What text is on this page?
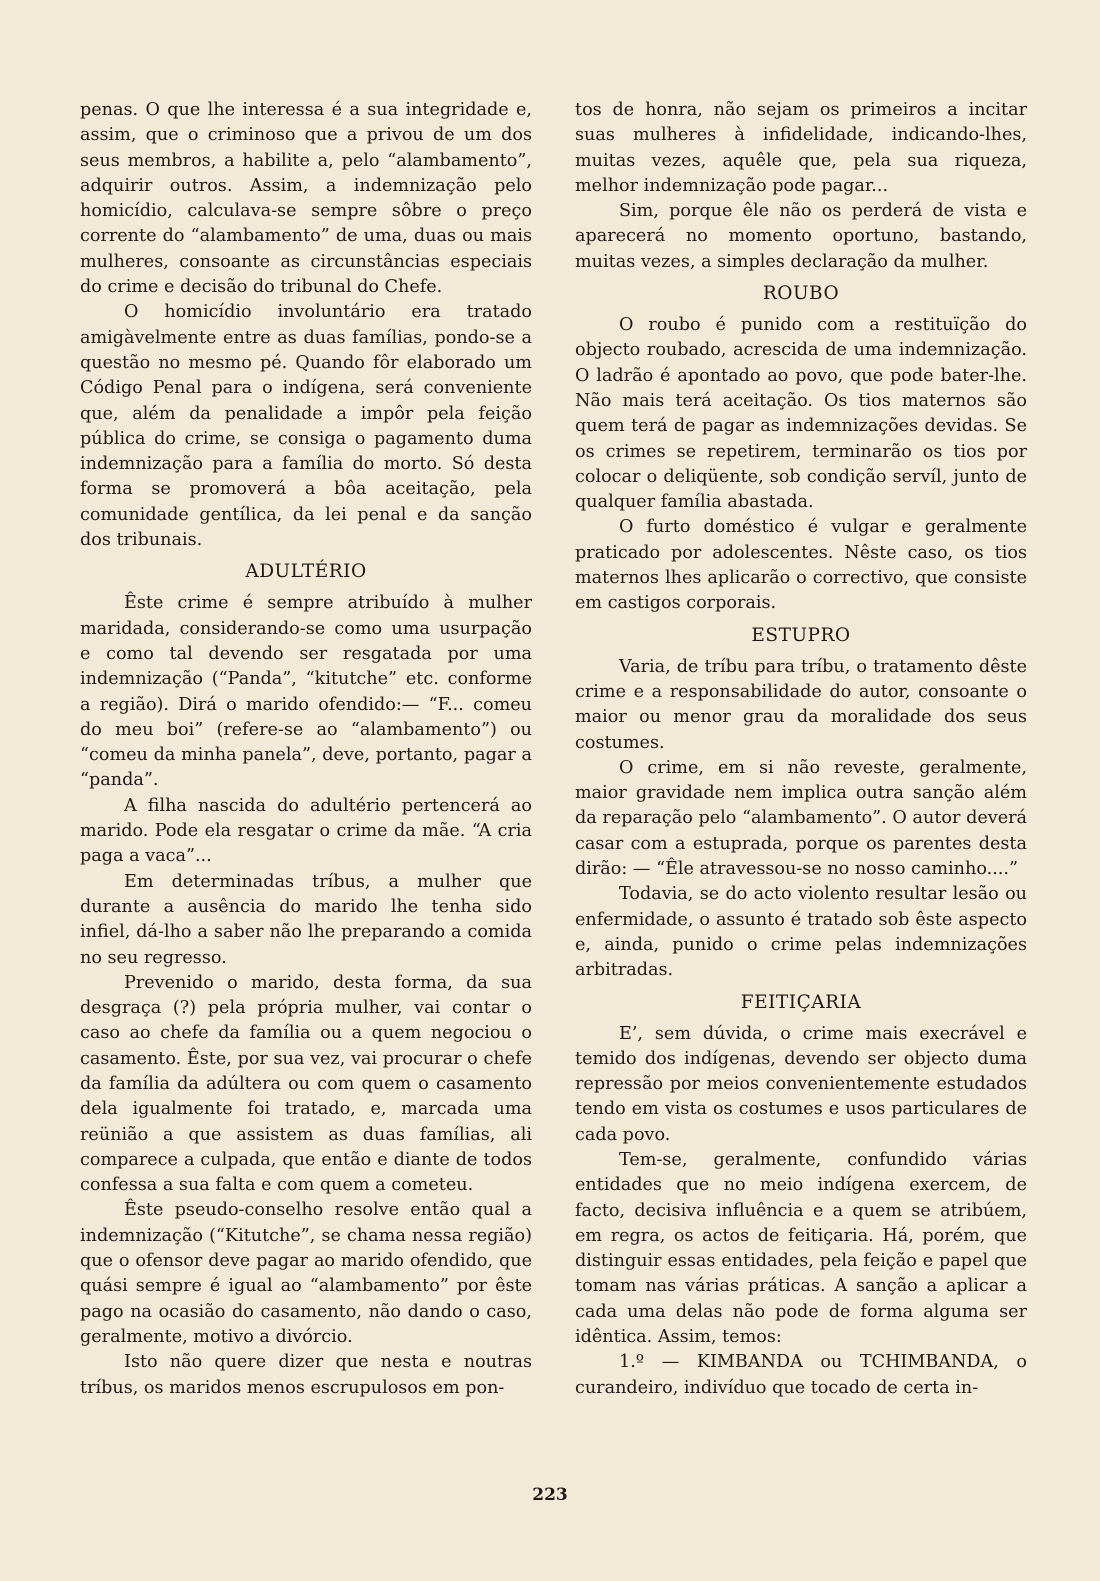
penas. O que lhe interessa é a sua integridade e, assim, que o criminoso que a privou de um dos seus membros, a habilite a, pelo “alambamento”, adquirir outros. Assim, a indemnização pelo homicídio, calculava-se sempre sôbre o preço corrente do “alambamento” de uma, duas ou mais mulheres, consoante as circunstâncias especiais do crime e decisão do tribunal do Chefe.

O homicídio involuntário era tratado amigàvelmente entre as duas famílias, pondo-se a questão no mesmo pé. Quando fôr elaborado um Código Penal para o indígena, será conveniente que, além da penalidade a impôr pela feição pública do crime, se consiga o pagamento duma indemnização para a família do morto. Só desta forma se promoverá a bôa aceitação, pela comunidade gentílica, da lei penal e da sanção dos tribunais.

ADULTÉRIO

Êste crime é sempre atribuído à mulher maridada, considerando-se como uma usurpação e como tal devendo ser resgatada por uma indemnização (“Panda”, “kitutche” etc. conforme a região). Dirá o marido ofendido:— “F... comeu do meu boi” (refere-se ao “alambamento”) ou “comeu da minha panela”, deve, portanto, pagar a “panda”.

A filha nascida do adultério pertencerá ao marido. Pode ela resgatar o crime da mãe. “A cria paga a vaca”...

Em determinadas tríbus, a mulher que durante a ausência do marido lhe tenha sido infiel, dá-lho a saber não lhe preparando a comida no seu regresso.

Prevenido o marido, desta forma, da sua desgraça (?) pela própria mulher, vai contar o caso ao chefe da família ou a quem negociou o casamento. Êste, por sua vez, vai procurar o chefe da família da adúltera ou com quem o casamento dela igualmente foi tratado, e, marcada uma reünião a que assistem as duas famílias, ali comparece a culpada, que então e diante de todos confessa a sua falta e com quem a cometeu.

Êste pseudo-conselho resolve então qual a indemnização (“Kitutche”, se chama nessa região) que o ofensor deve pagar ao marido ofendido, que quási sempre é igual ao “alambamento” por êste pago na ocasião do casamento, não dando o caso, geralmente, motivo a divórcio.

Isto não quere dizer que nesta e noutras tríbus, os maridos menos escrupulosos em pon-

tos de honra, não sejam os primeiros a incitar suas mulheres à infidelidade, indicando-lhes, muitas vezes, aquêle que, pela sua riqueza, melhor indemnização pode pagar...

Sim, porque êle não os perderá de vista e aparecerá no momento oportuno, bastando, muitas vezes, a simples declaração da mulher.

ROUBO

O roubo é punido com a restituïção do objecto roubado, acrescida de uma indemnização. O ladrão é apontado ao povo, que pode bater-lhe. Não mais terá aceitação. Os tios maternos são quem terá de pagar as indemnizações devidas. Se os crimes se repetirem, terminarão os tios por colocar o deliqüente, sob condição servíl, junto de qualquer família abastada.

O furto doméstico é vulgar e geralmente praticado por adolescentes. Nêste caso, os tios maternos lhes aplicarão o correctivo, que consiste em castigos corporais.

ESTUPRO

Varia, de tríbu para tríbu, o tratamento dêste crime e a responsabilidade do autor, consoante o maior ou menor grau da moralidade dos seus costumes.

O crime, em si não reveste, geralmente, maior gravidade nem implica outra sanção além da reparação pelo “alambamento”. O autor deverá casar com a estuprada, porque os parentes desta dirão: — “Êle atravessou-se no nosso caminho....”

Todavia, se do acto violento resultar lesão ou enfermidade, o assunto é tratado sob êste aspecto e, ainda, punido o crime pelas indemnizações arbitradas.

FEITIÇARIA

E’, sem dúvida, o crime mais execrável e temido dos indígenas, devendo ser objecto duma repressão por meios convenientemente estudados tendo em vista os costumes e usos particulares de cada povo.

Tem-se, geralmente, confundido várias entidades que no meio indígena exercem, de facto, decisiva influência e a quem se atribúem, em regra, os actos de feitiçaria. Há, porém, que distinguir essas entidades, pela feição e papel que tomam nas várias práticas. A sanção a aplicar a cada uma delas não pode de forma alguma ser idêntica. Assim, temos:

1.º — KIMBANDA ou TCHIMBANDA, o curandeiro, indivíduo que tocado de certa in-

223
